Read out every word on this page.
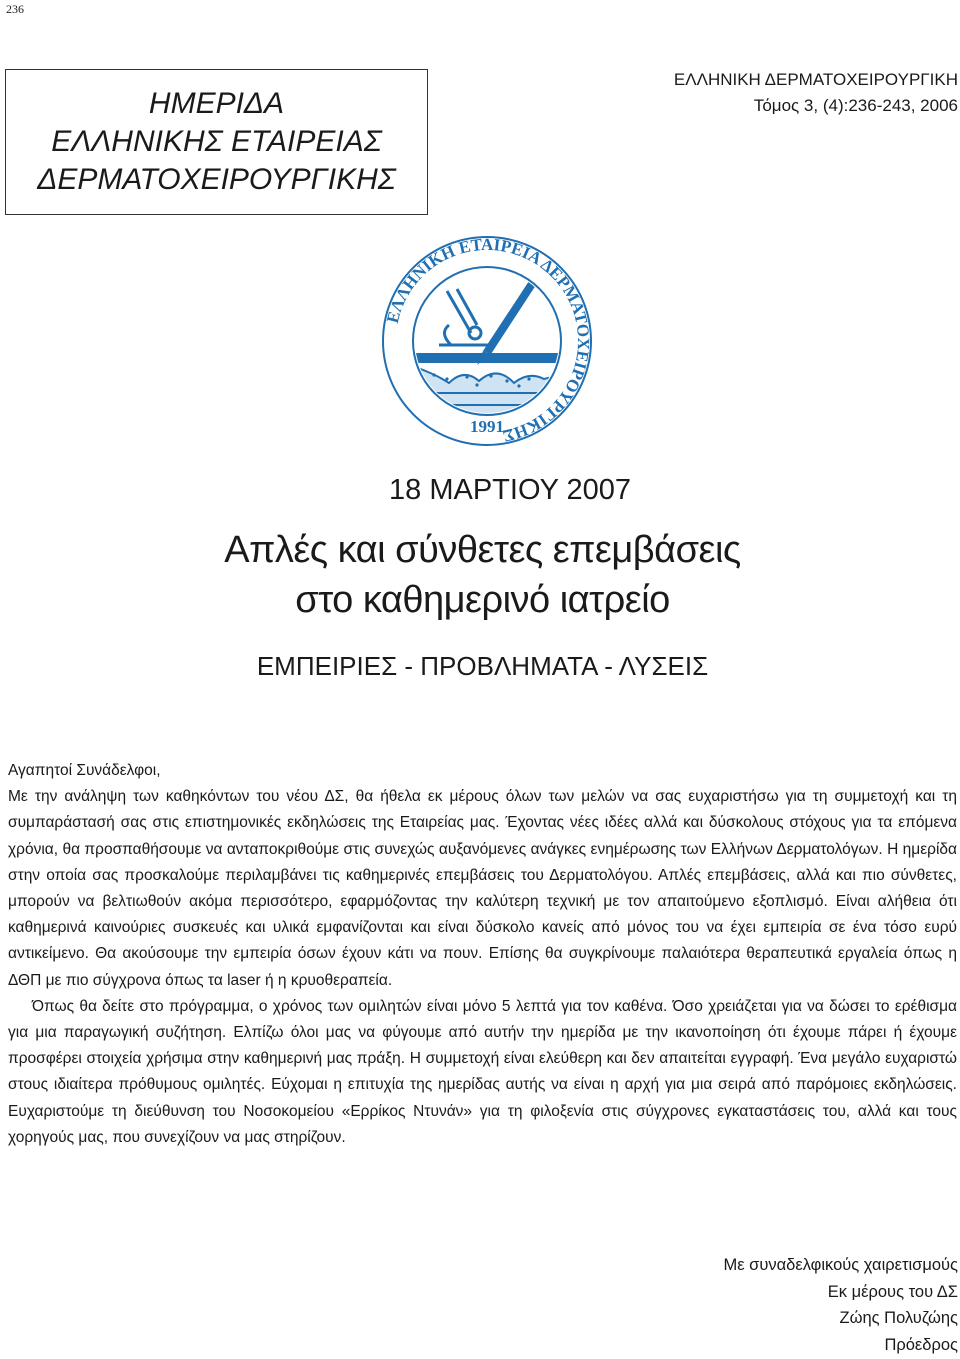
236
ΗΜΕΡΙΔΑ
ΕΛΛΗΝΙΚΗΣ ΕΤΑΙΡΕΙΑΣ
ΔΕΡΜΑΤΟΧΕΙΡΟΥΡΓΙΚΗΣ
ΕΛΛΗΝΙΚΗ ΔΕΡΜΑΤΟΧΕΙΡΟΥΡΓΙΚΗ
Τόμος 3, (4):236-243, 2006
ΕΛΛΗΝΙΚΗ ΕΤΑΙΡΕΙΑ ΔΕΡΜΑΤΟΧΕΙΡΟΥΡΓΙΚΗΣ
1991
18 ΜΑΡΤΙΟΥ 2007
Απλές και σύνθετες επεμβάσεις
στο καθημερινό ιατρείο
ΕΜΠΕΙΡΙΕΣ - ΠΡΟΒΛΗΜΑΤΑ - ΛΥΣΕΙΣ

Αγαπητοί Συνάδελφοι,

Με την ανάληψη των καθηκόντων του νέου ΔΣ, θα ήθελα εκ μέρους όλων των μελών να σας ευχαριστήσω για τη συμμετοχή και τη συμπαράστασή σας στις επιστημονικές εκδηλώσεις της Εταιρείας μας. Έχοντας νέες ιδέες αλλά και δύσκολους στόχους για τα επόμενα χρόνια, θα προσπαθήσουμε να ανταποκριθούμε στις συνεχώς αυξανόμενες ανάγκες ενημέρωσης των Ελλήνων Δερματολόγων. Η ημερίδα στην οποία σας προσκαλούμε περιλαμβάνει τις καθημερινές επεμβάσεις του Δερματολόγου. Απλές επεμβάσεις, αλλά και πιο σύνθετες, μπορούν να βελτιωθούν ακόμα περισσότερο, εφαρμόζοντας την καλύτερη τεχνική με τον απαιτούμενο εξοπλισμό. Είναι αλήθεια ότι καθημερινά καινούριες συσκευές και υλικά εμφανίζονται και είναι δύσκολο κανείς από μόνος του να έχει εμπειρία σε ένα τόσο ευρύ αντικείμενο. Θα ακούσουμε την εμπειρία όσων έχουν κάτι να πουν. Επίσης θα συγκρίνουμε παλαιότερα θεραπευτικά εργαλεία όπως η ΔΘΠ με πιο σύγχρονα όπως τα laser ή η κρυοθεραπεία.

Όπως θα δείτε στο πρόγραμμα, ο χρόνος των ομιλητών είναι μόνο 5 λεπτά για τον καθένα. Όσο χρειάζεται για να δώσει το ερέθισμα για μια παραγωγική συζήτηση. Ελπίζω όλοι μας να φύγουμε από αυτήν την ημερίδα με την ικανοποίηση ότι έχουμε πάρει ή έχουμε προσφέρει στοιχεία χρήσιμα στην καθημερινή μας πράξη. Η συμμετοχή είναι ελεύθερη και δεν απαιτείται εγγραφή. Ένα μεγάλο ευχαριστώ στους ιδιαίτερα πρόθυμους ομιλητές. Εύχομαι η επιτυχία της ημερίδας αυτής να είναι η αρχή για μια σειρά από παρόμοιες εκδηλώσεις. Ευχαριστούμε τη διεύθυνση του Νοσοκομείου «Ερρίκος Ντυνάν» για τη φιλοξενία στις σύγχρονες εγκαταστάσεις του, αλλά και τους χορηγούς μας, που συνεχίζουν να μας στηρίζουν.

Με συναδελφικούς χαιρετισμούς
Εκ μέρους του ΔΣ
Ζώης Πολυζώης
Πρόεδρος
